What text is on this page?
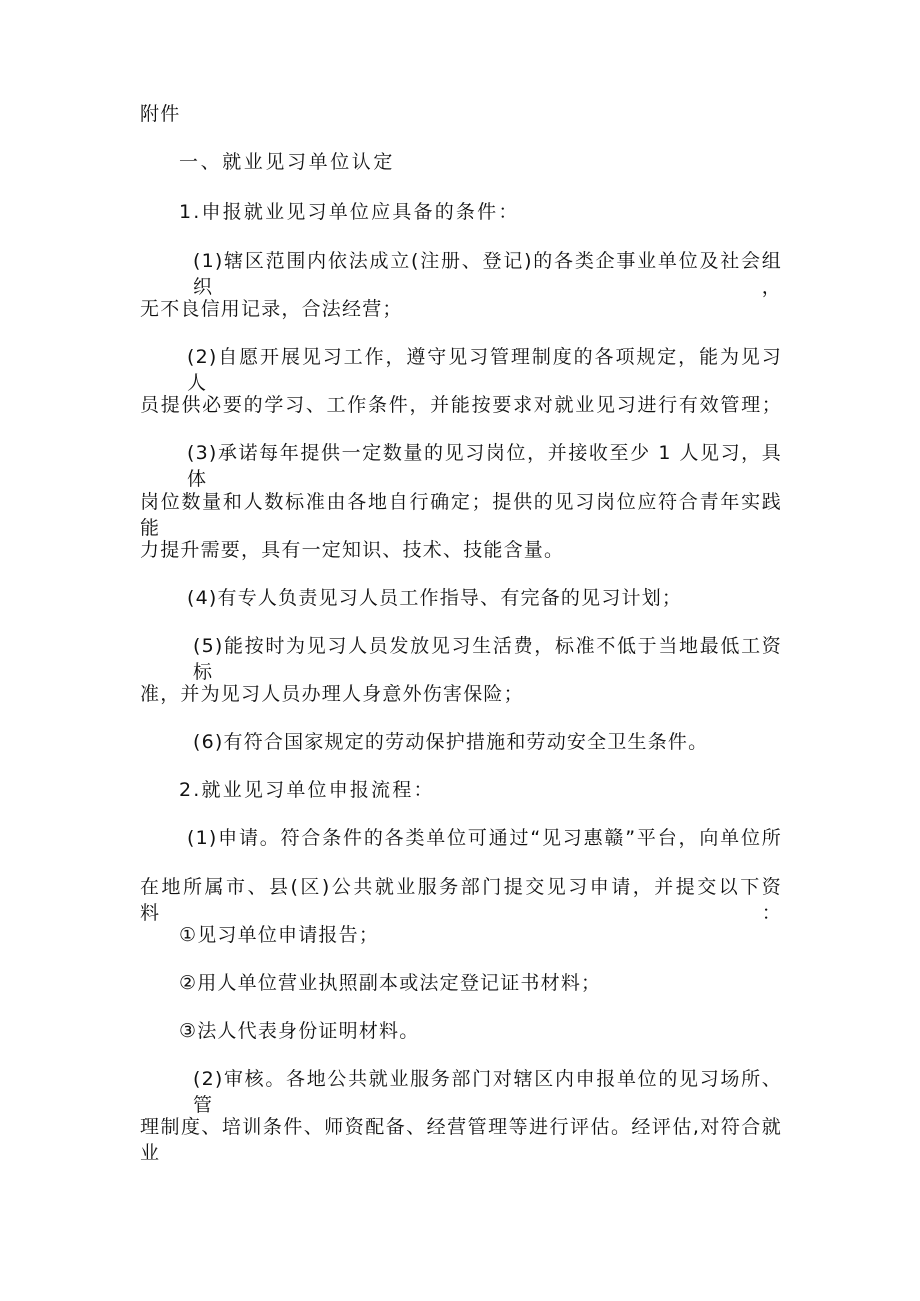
附件

一、就业见习单位认定

1.申报就业见习单位应具备的条件：

(1)辖区范围内依法成立(注册、登记)的各类企事业单位及社会组织，

无不良信用记录，合法经营；

(2)自愿开展见习工作，遵守见习管理制度的各项规定，能为见习人

员提供必要的学习、工作条件，并能按要求对就业见习进行有效管理；

(3)承诺每年提供一定数量的见习岗位，并接收至少 1 人见习，具体

岗位数量和人数标准由各地自行确定；提供的见习岗位应符合青年实践能

力提升需要，具有一定知识、技术、技能含量。

(4)有专人负责见习人员工作指导、有完备的见习计划；

(5)能按时为见习人员发放见习生活费，标准不低于当地最低工资标

准，并为见习人员办理人身意外伤害保险；

(6)有符合国家规定的劳动保护措施和劳动安全卫生条件。

2.就业见习单位申报流程：

(1)申请。符合条件的各类单位可通过“见习惠赣”平台，向单位所

在地所属市、县(区)公共就业服务部门提交见习申请，并提交以下资料：

①见习单位申请报告；

②用人单位营业执照副本或法定登记证书材料；

③法人代表身份证明材料。

(2)审核。各地公共就业服务部门对辖区内申报单位的见习场所、管

理制度、培训条件、师资配备、经营管理等进行评估。经评估,对符合就业
